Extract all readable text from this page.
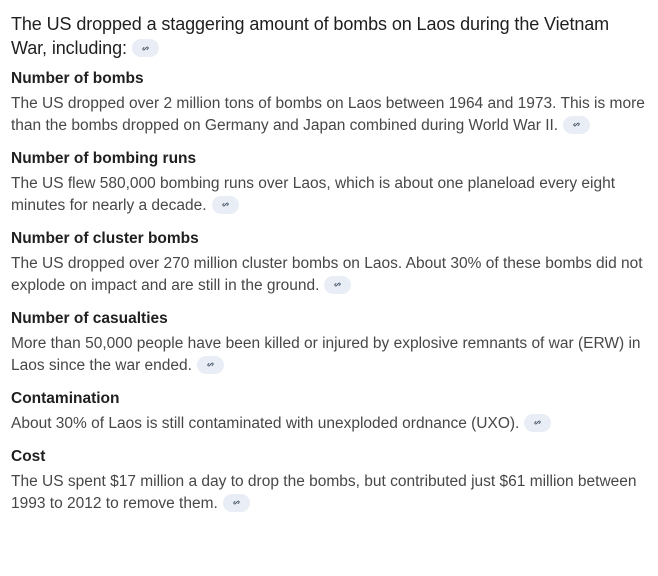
The US dropped a staggering amount of bombs on Laos during the Vietnam War, including:

Number of bombs

The US dropped over 2 million tons of bombs on Laos between 1964 and 1973. This is more than the bombs dropped on Germany and Japan combined during World War II.

Number of bombing runs

The US flew 580,000 bombing runs over Laos, which is about one planeload every eight minutes for nearly a decade.

Number of cluster bombs

The US dropped over 270 million cluster bombs on Laos. About 30% of these bombs did not explode on impact and are still in the ground.

Number of casualties

More than 50,000 people have been killed or injured by explosive remnants of war (ERW) in Laos since the war ended.

Contamination

About 30% of Laos is still contaminated with unexploded ordnance (UXO).

Cost

The US spent $17 million a day to drop the bombs, but contributed just $61 million between 1993 to 2012 to remove them.
